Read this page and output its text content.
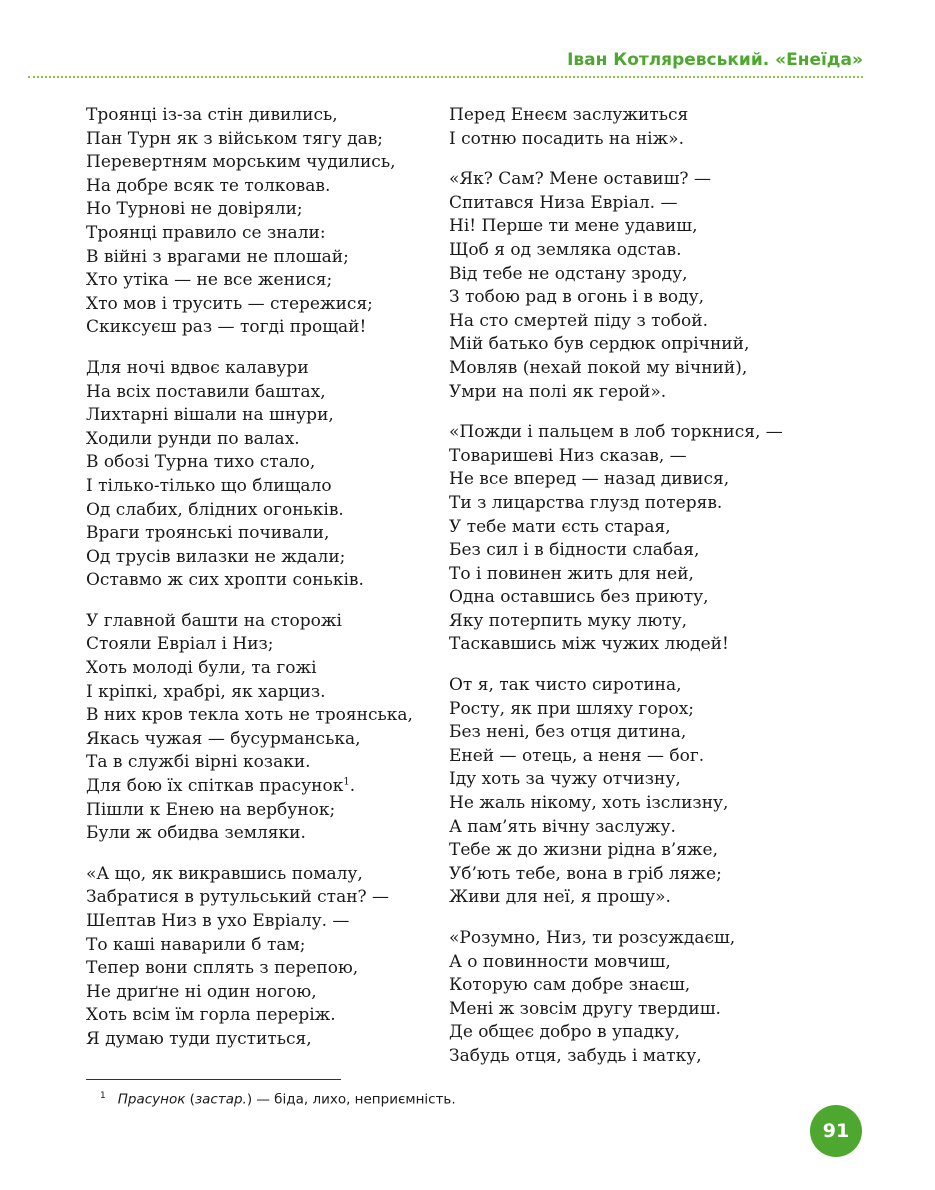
Іван Котляревський. «Енеїда»
Троянці із-за стін дивились,
Пан Турн як з військом тягу дав;
Перевертням морським чудились,
На добре всяк те толковав.
Но Турнові не довіряли;
Троянці правило се знали:
В війні з врагами не плошай;
Хто утіка — не все женися;
Хто мов і трусить — стережися;
Скиксуєш раз — тогді прощай!
Для ночі вдвоє калавури
На всіх поставили баштах,
Лихтарні вішали на шнури,
Ходили рунди по валах.
В обозі Турна тихо стало,
І тілько-тілько що блищало
Од слабих, блідних огоньків.
Враги троянські почивали,
Од трусів вилазки не ждали;
Оставмо ж сих хропти соньків.
У главной башти на сторожі
Стояли Евріал і Низ;
Хоть молоді були, та гожі
І кріпкі, храбрі, як харциз.
В них кров текла хоть не троянська,
Якась чужая — бусурманська,
Та в службі вірні козаки.
Для бою їх спіткав прасунок$^1$.
Пішли к Енею на вербунок;
Були ж обидва земляки.
«А що, як викравшись помалу,
Забратися в рутульський стан? —
Шептав Низ в ухо Евріалу. —
То каші наварили б там;
Тепер вони сплять з перепою,
Не дриґне ні один ногою,
Хоть всім їм горла переріж.
Я думаю туди пуститься,
Перед Енеєм заслужиться
І сотню посадить на ніж».
«Як? Сам? Мене оставиш? —
Спитався Низа Евріал. —
Ні! Перше ти мене удавиш,
Щоб я од земляка одстав.
Від тебе не одстану зроду,
З тобою рад в огонь і в воду,
На сто смертей піду з тобой.
Мій батько був сердюк опрічний,
Мовляв (нехай покой му вічний),
Умри на полі як герой».
«Пожди і пальцем в лоб торкнися, —
Товаришеві Низ сказав, —
Не все вперед — назад дивися,
Ти з лицарства глузд потеряв.
У тебе мати єсть старая,
Без сил і в бідности слабая,
То і повинен жить для ней,
Одна оставшись без приюту,
Яку потерпить муку люту,
Таскавшись між чужих людей!
От я, так чисто сиротина,
Росту, як при шляху горох;
Без нені, без отця дитина,
Еней — отець, а неня — бог.
Іду хоть за чужу отчизну,
Не жаль нікому, хоть ізслизну,
А пам’ять вічну заслужу.
Тебе ж до жизни рідна в’яже,
Уб’ють тебе, вона в гріб ляже;
Живи для неї, я прошу».
«Розумно, Низ, ти розсуждаєш,
А о повинности мовчиш,
Которую сам добре знаєш,
Мені ж зовсім другу твердиш.
Де общеє добро в упадку,
Забудь отця, забудь і матку,
$^1$ Прасунок (застар.) — біда, лихо, неприємність.
91
